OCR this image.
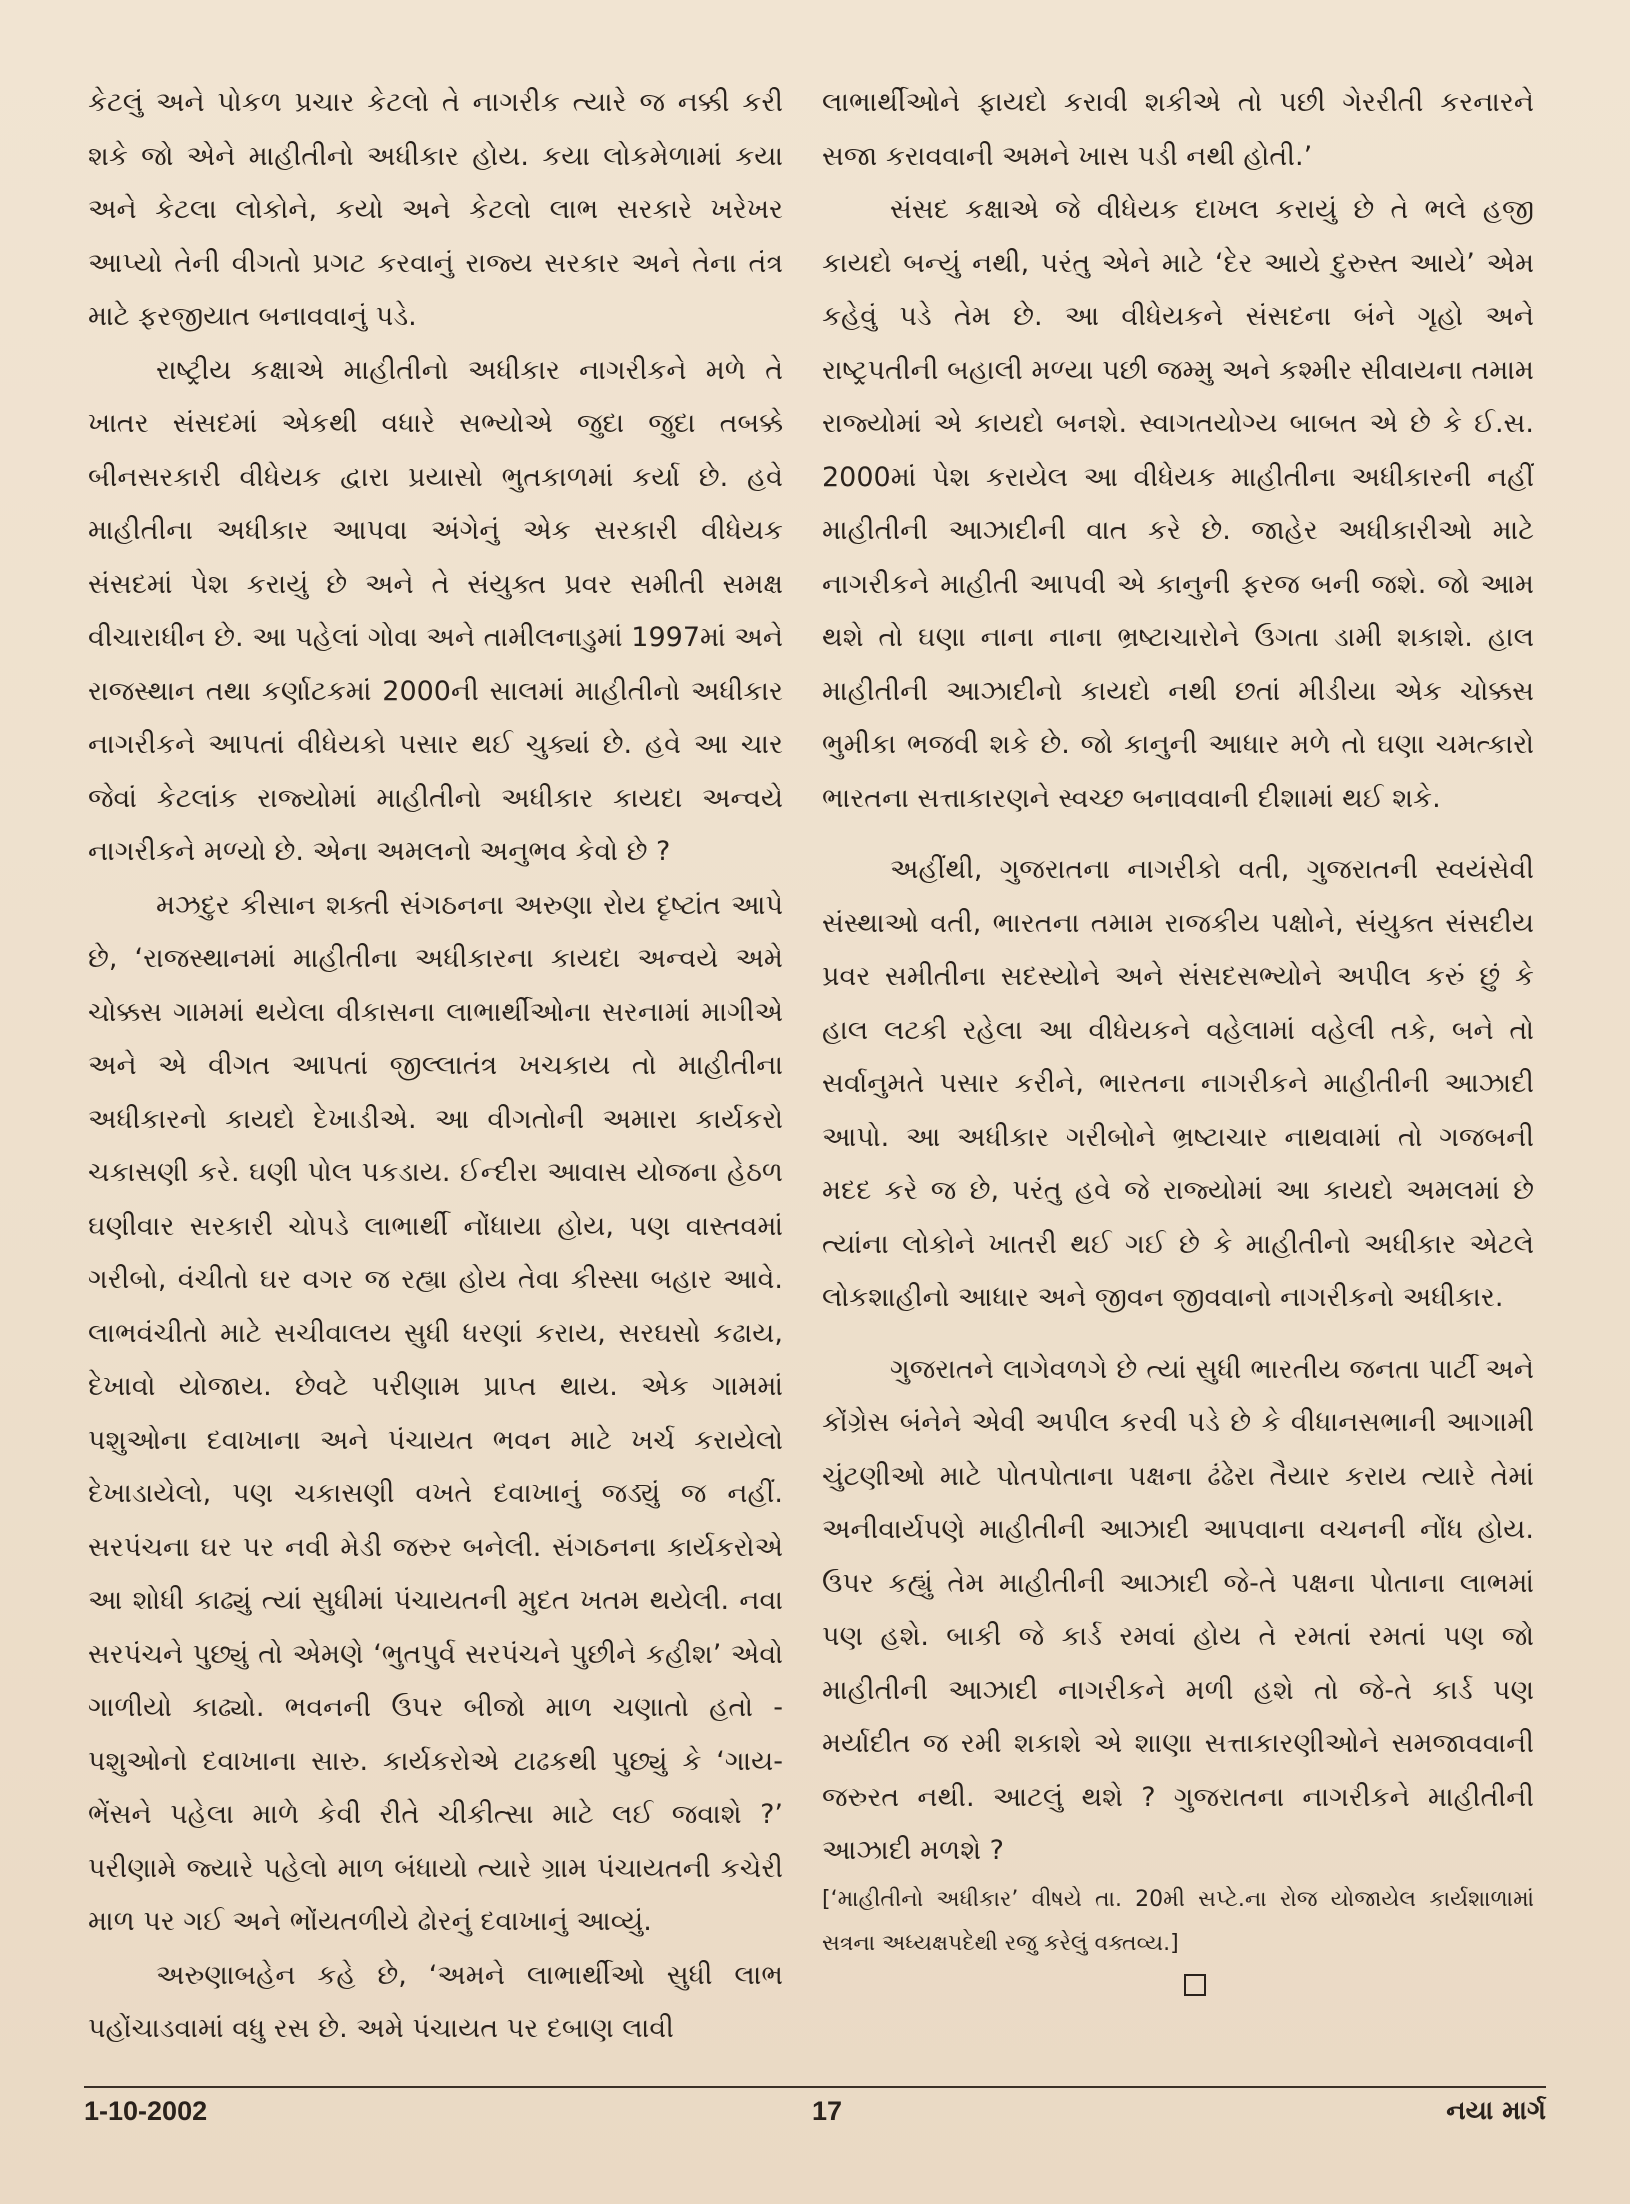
કેટલું અને પોકળ પ્રચાર કેટલો તે નાગરીક ત્યારે જ નક્કી કરી શકે જો એને માહીતીનો અધીકાર હોય. કયા લોકમેળામાં કયા અને કેટલા લોકોને, કયો અને કેટલો લાભ સરકારે ખરેખર આપ્યો તેની વીગતો પ્રગટ કરવાનું રાજ્ય સરકાર અને તેના તંત્ર માટે ફરજીયાત બનાવવાનું પડે.

રાષ્ટ્રીય કક્ષાએ માહીતીનો અધીકાર નાગરીકને મળે તે ખાતર સંસદમાં એકથી વધારે સભ્યોએ જુદા જુદા તબક્કે બીનસરકારી વીધેયક દ્વારા પ્રયાસો ભુતકાળમાં કર્યા છે. હવે માહીતીના અધીકાર આપવા અંગેનું એક સરકારી વીધેયક સંસદમાં પેશ કરાયું છે અને તે સંયુક્ત પ્રવર સમીતી સમક્ષ વીચારાધીન છે. આ પહેલાં ગોવા અને તામીલનાડુમાં 1997માં અને રાજસ્થાન તથા કર્ણાટકમાં 2000ની સાલમાં માહીતીનો અધીકાર નાગરીકને આપતાં વીધેયકો પસાર થઈ ચુક્યાં છે. હવે આ ચાર જેવાં કેટલાંક રાજ્યોમાં માહીતીનો અધીકાર કાયદા અન્વયે નાગરીકને મળ્યો છે. એના અમલનો અનુભવ કેવો છે ?

મઝદુર કીસાન શક્તી સંગઠનના અરુણા રોય દૃષ્ટાંત આપે છે, ‘રાજસ્થાનમાં માહીતીના અધીકારના કાયદા અન્વયે અમે ચોક્કસ ગામમાં થયેલા વીકાસના લાભાર્થીઓના સરનામાં માગીએ અને એ વીગત આપતાં જીલ્લાતંત્ર ખચકાય તો માહીતીના અધીકારનો કાયદો દેખાડીએ. આ વીગતોની અમારા કાર્યકરો ચકાસણી કરે. ઘણી પોલ પકડાય. ઈન્દીરા આવાસ યોજના હેઠળ ઘણીવાર સરકારી ચોપડે લાભાર્થી નોંધાયા હોય, પણ વાસ્તવમાં ગરીબો, વંચીતો ઘર વગર જ રહ્યા હોય તેવા કીસ્સા બહાર આવે. લાભવંચીતો માટે સચીવાલય સુધી ધરણાં કરાય, સરઘસો કઢાય, દેખાવો યોજાય. છેવટે પરીણામ પ્રાપ્ત થાય. એક ગામમાં પશુઓના દવાખાના અને પંચાયત ભવન માટે ખર્ચ કરાયેલો દેખાડાયેલો, પણ ચકાસણી વખતે દવાખાનું જડ્યું જ નહીં. સરપંચના ઘર પર નવી મેડી જરુર બનેલી. સંગઠનના કાર્યકરોએ આ શોધી કાઢ્યું ત્યાં સુધીમાં પંચાયતની મુદત ખતમ થયેલી. નવા સરપંચને પુછ્યું તો એમણે ‘ભુતપુર્વ સરપંચને પુછીને કહીશ’ એવો ગાળીયો કાઢ્યો. ભવનની ઉપર બીજો માળ ચણાતો હતો - પશુઓનો દવાખાના સારુ. કાર્યકરોએ ટાઢકથી પુછ્યું કે ‘ગાય-ભેંસને પહેલા માળે કેવી રીતે ચીકીત્સા માટે લઈ જવાશે ?’ પરીણામે જ્યારે પહેલો માળ બંધાયો ત્યારે ગ્રામ પંચાયતની કચેરી માળ પર ગઈ અને ભોંયતળીયે ઢોરનું દવાખાનું આવ્યું.

અરુણાબહેન કહે છે, ‘અમને લાભાર્થીઓ સુધી લાભ પહોંચાડવામાં વધુ રસ છે. અમે પંચાયત પર દબાણ લાવી

લાભાર્થીઓને ફાયદો કરાવી શકીએ તો પછી ગેરરીતી કરનારને સજા કરાવવાની અમને ખાસ પડી નથી હોતી.’

સંસદ કક્ષાએ જે વીધેયક દાખલ કરાયું છે તે ભલે હજી કાયદો બન્યું નથી, પરંતુ એને માટે ‘દેર આયે દુરુસ્ત આયે’ એમ કહેવું પડે તેમ છે. આ વીધેયકને સંસદના બંને ગૃહો અને રાષ્ટ્રપતીની બહાલી મળ્યા પછી જમ્મુ અને કશ્મીર સીવાયના તમામ રાજ્યોમાં એ કાયદો બનશે. સ્વાગતયોગ્ય બાબત એ છે કે ઈ.સ. 2000માં પેશ કરાયેલ આ વીધેયક માહીતીના અધીકારની નહીં માહીતીની આઝાદીની વાત કરે છે. જાહેર અધીકારીઓ માટે નાગરીકને માહીતી આપવી એ કાનુની ફરજ બની જશે. જો આમ થશે તો ઘણા નાના નાના ભ્રષ્ટાચારોને ઉગતા ડામી શકાશે. હાલ માહીતીની આઝાદીનો કાયદો નથી છતાં મીડીયા એક ચોક્કસ ભુમીકા ભજવી શકે છે. જો કાનુની આધાર મળે તો ઘણા ચમત્કારો ભારતના સત્તાકારણને સ્વચ્છ બનાવવાની દીશામાં થઈ શકે.

અહીંથી, ગુજરાતના નાગરીકો વતી, ગુજરાતની સ્વયંસેવી સંસ્થાઓ વતી, ભારતના તમામ રાજકીય પક્ષોને, સંયુક્ત સંસદીય પ્રવર સમીતીના સદસ્યોને અને સંસદસભ્યોને અપીલ કરું છું કે હાલ લટકી રહેલા આ વીધેયકને વહેલામાં વહેલી તકે, બને તો સર્વાનુમતે પસાર કરીને, ભારતના નાગરીકને માહીતીની આઝાદી આપો. આ અધીકાર ગરીબોને ભ્રષ્ટાચાર નાથવામાં તો ગજબની મદદ કરે જ છે, પરંતુ હવે જે રાજ્યોમાં આ કાયદો અમલમાં છે ત્યાંના લોકોને ખાતરી થઈ ગઈ છે કે માહીતીનો અધીકાર એટલે લોકશાહીનો આધાર અને જીવન જીવવાનો નાગરીકનો અધીકાર.

ગુજરાતને લાગેવળગે છે ત્યાં સુધી ભારતીય જનતા પાર્ટી અને કોંગ્રેસ બંનેને એવી અપીલ કરવી પડે છે કે વીધાનસભાની આગામી ચુંટણીઓ માટે પોતપોતાના પક્ષના ઢંઢેરા તૈયાર કરાય ત્યારે તેમાં અનીવાર્યપણે માહીતીની આઝાદી આપવાના વચનની નોંધ હોય. ઉપર કહ્યું તેમ માહીતીની આઝાદી જે-તે પક્ષના પોતાના લાભમાં પણ હશે. બાકી જે કાર્ડ રમવાં હોય તે રમતાં રમતાં પણ જો માહીતીની આઝાદી નાગરીકને મળી હશે તો જે-તે કાર્ડ પણ મર્યાદીત જ રમી શકાશે એ શાણા સત્તાકારણીઓને સમજાવવાની જરુરત નથી. આટલું થશે ? ગુજરાતના નાગરીકને માહીતીની આઝાદી મળશે ?

[‘માહીતીનો અધીકાર’ વીષયે તા. 20મી સપ્ટે.ના રોજ યોજાયેલ કાર્યશાળામાં સત્રના અધ્યક્ષપદેથી રજુ કરેલું વક્તવ્ય.]

1-10-2002	17	નયા માર્ગ
